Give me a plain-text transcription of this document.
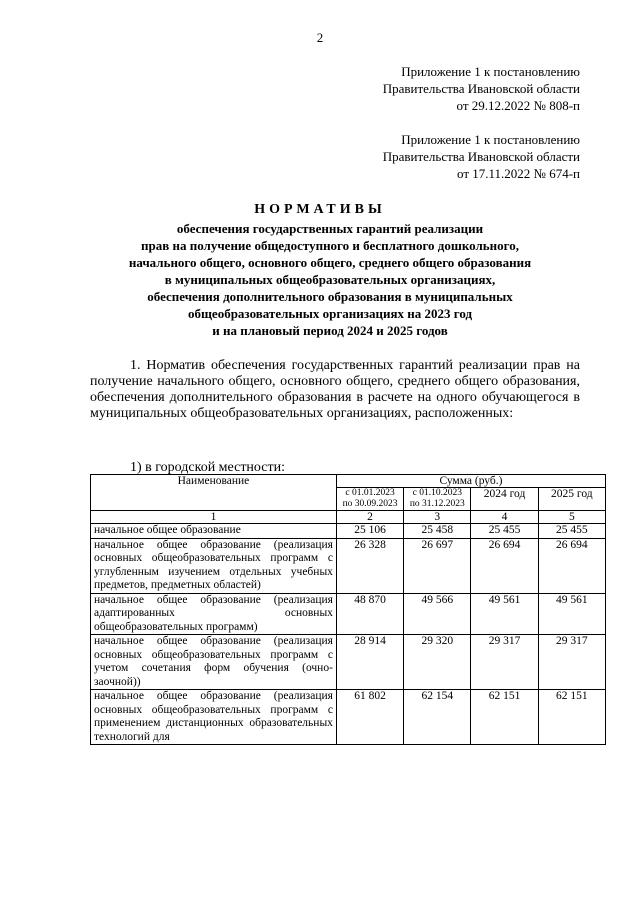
2
Приложение 1 к постановлению
Правительства Ивановской области
от 29.12.2022 № 808-п
Приложение 1 к постановлению
Правительства Ивановской области
от 17.11.2022 № 674-п
НОРМАТИВЫ
обеспечения государственных гарантий реализации
прав на получение общедоступного и бесплатного дошкольного,
начального общего, основного общего, среднего общего образования
в муниципальных общеобразовательных организациях,
обеспечения дополнительного образования в муниципальных
общеобразовательных организациях на 2023 год
и на плановый период 2024 и 2025 годов

1. Норматив обеспечения государственных гарантий реализации прав на получение начального общего, основного общего, среднего общего образования, обеспечения дополнительного образования в расчете на одного обучающегося в муниципальных общеобразовательных организациях, расположенных:

1) в городской местности:
Наименование	Сумма (руб.)			
	с 01.01.2023 по 30.09.2023	с 01.10.2023 по 31.12.2023	2024 год	2025 год
1	2	3	4	5
начальное общее образование	25 106	25 458	25 455	25 455
начальное общее образование (реализация основных общеобразовательных программ с углубленным изучением отдельных учебных предметов, предметных областей)	26 328	26 697	26 694	26 694
начальное общее образование (реализация адаптированных основных общеобразовательных программ)	48 870	49 566	49 561	49 561
начальное общее образование (реализация основных общеобразовательных программ с учетом сочетания форм обучения (очно-заочной))	28 914	29 320	29 317	29 317
начальное общее образование (реализация основных общеобразовательных программ с применением дистанционных образовательных технологий для	61 802	62 154	62 151	62 151
